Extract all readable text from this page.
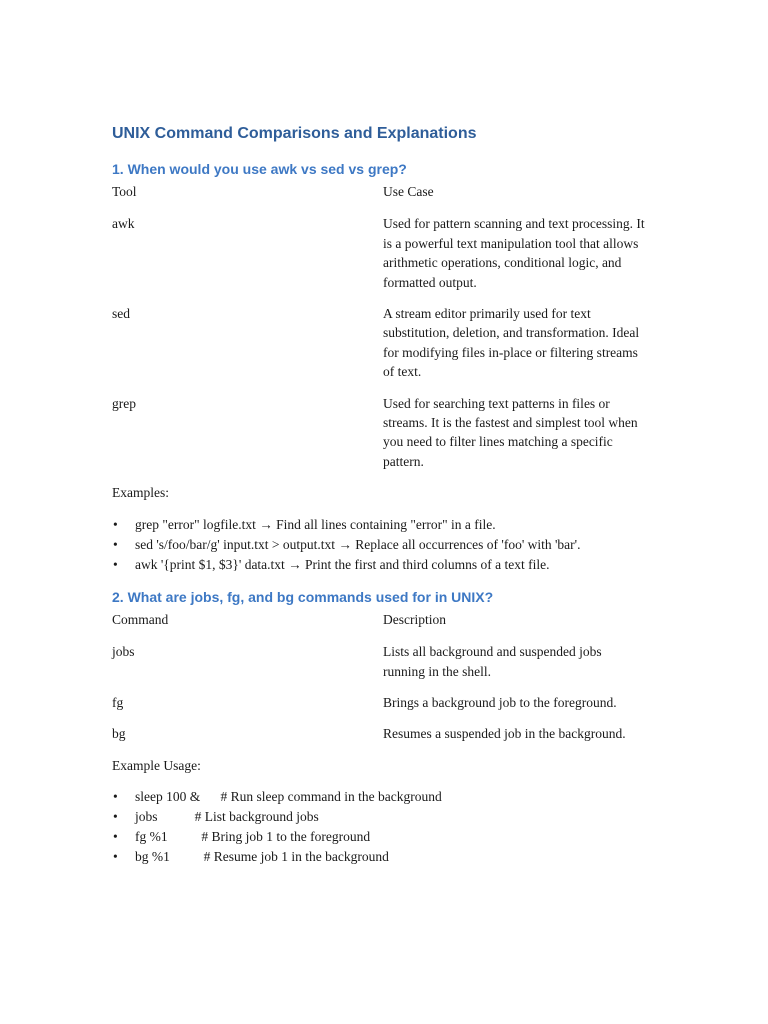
UNIX Command Comparisons and Explanations
1. When would you use awk vs sed vs grep?
Tool	Use Case
awk	Used for pattern scanning and text processing. It is a powerful text manipulation tool that allows arithmetic operations, conditional logic, and formatted output.
sed	A stream editor primarily used for text substitution, deletion, and transformation. Ideal for modifying files in-place or filtering streams of text.
grep	Used for searching text patterns in files or streams. It is the fastest and simplest tool when you need to filter lines matching a specific pattern.
Examples:
• grep "error" logfile.txt → Find all lines containing "error" in a file.
• sed 's/foo/bar/g' input.txt > output.txt → Replace all occurrences of 'foo' with 'bar'.
• awk '{print $1, $3}' data.txt → Print the first and third columns of a text file.
2. What are jobs, fg, and bg commands used for in UNIX?
Command	Description
jobs	Lists all background and suspended jobs running in the shell.
fg	Brings a background job to the foreground.
bg	Resumes a suspended job in the background.
Example Usage:
• sleep 100 &      # Run sleep command in the background
• jobs           # List background jobs
• fg %1          # Bring job 1 to the foreground
• bg %1          # Resume job 1 in the background
